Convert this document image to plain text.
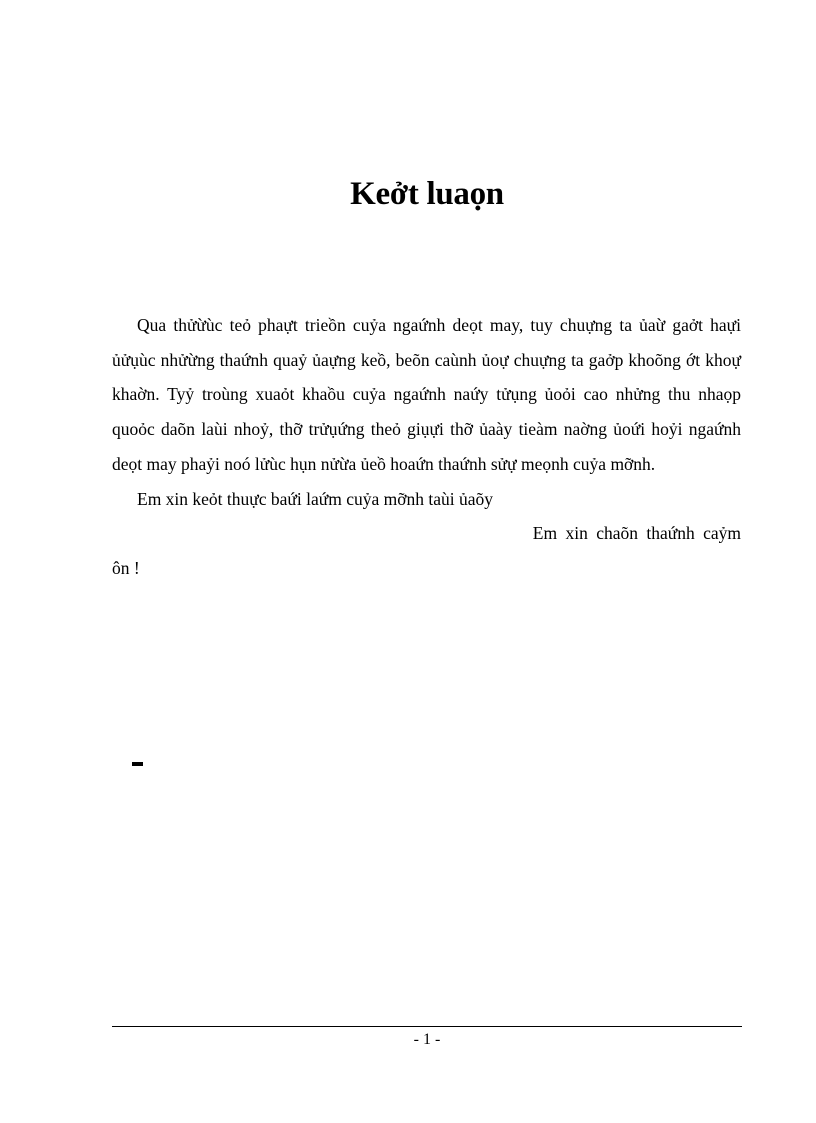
Keởt luaọn

Qua thửừùc teỏ phaựt trieồn cuỷa ngaứnh deọt may, tuy chuựng ta ủaừ gaởt haựi ủửụùc nhửừng thaứnh quaỷ ủaựng keồ, beõn caùnh ủoự chuựng ta gaởp khoõng ớt khoự khaờn. Tyỷ troùng xuaỏt khaồu cuỷa ngaứnh naứy tửụng ủoỏi cao nhửng thu nhaọp quoỏc daõn laùi nhoỷ, thỡ trửụứng theỏ giụựi thỡ ủaày tieàm naờng ủoứi hoỷi ngaứnh deọt may phaỷi noó lửùc hụn nửừa ủeồ hoaứn thaứnh sửự meọnh cuỷa mỡnh.

Em xin keỏt thuực baứi laứm cuỷa mỡnh taùi ủaõy

Em xin chaõn thaứnh caỷm

ôn !

- 1 -
